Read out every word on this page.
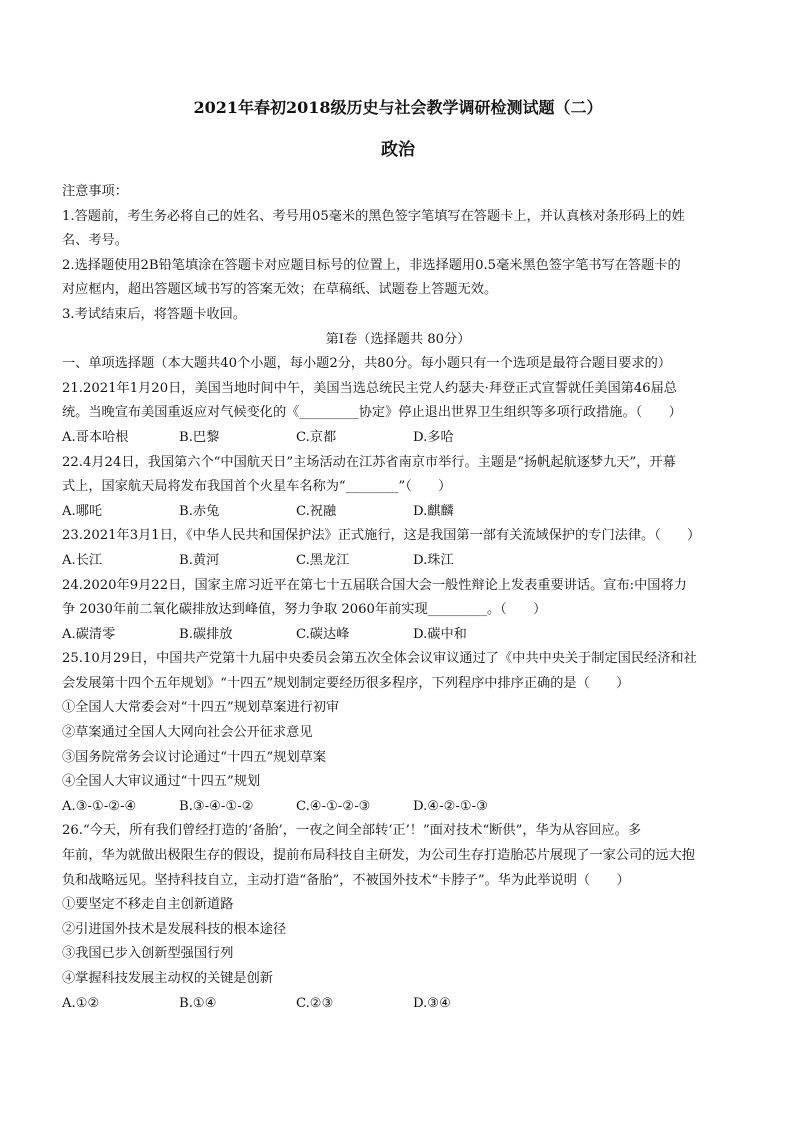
2021年春初2018级历史与社会教学调研检测试题（二）
政治
注意事项：
1.答题前，考生务必将自己的姓名、考号用05毫米的黑色签字笔填写在答题卡上，并认真核对条形码上的姓
名、考号。
2.选择题使用2B铅笔填涂在答题卡对应题目标号的位置上，非选择题用0.5毫米黑色签字笔书写在答题卡的
对应框内，超出答题区域书写的答案无效；在草稿纸、试题卷上答题无效。
3.考试结束后，将答题卡收回。
第Ⅰ卷（选择题共 80分）
一、单项选择题（本大题共40个小题，每小题2分，共80分。每小题只有一个选项是最符合题目要求的）
21.2021年1月20日，美国当地时间中午，美国当选总统民主党人约瑟夫·拜登正式宣誓就任美国第46届总
统。当晚宣布美国重返应对气候变化的《_________协定》停止退出世界卫生组织等多项行政措施。（　　）
A.哥本哈根	B.巴黎	C.京都	D.多哈
22.4月24日，我国第六个“中国航天日”主场活动在江苏省南京市举行。主题是“扬帆起航逐梦九天”，开幕
式上，国家航天局将发布我国首个火星车名称为“________”（　　）
A.哪吒	B.赤兔	C.祝融	D.麒麟
23.2021年3月1日，《中华人民共和国保护法》正式施行，这是我国第一部有关流域保护的专门法律。（　　）
A.长江	B.黄河	C.黑龙江	D.珠江
24.2020年9月22日，国家主席习近平在第七十五届联合国大会一般性辩论上发表重要讲话。宣布:中国将力
争 2030年前二氧化碳排放达到峰值，努力争取 2060年前实现_________。（　　）
A.碳清零	B.碳排放	C.碳达峰	D.碳中和
25.10月29日，中国共产党第十九届中央委员会第五次全体会议审议通过了《中共中央关于制定国民经济和社
会发展第十四个五年规划》“十四五”规划制定要经历很多程序，下列程序中排序正确的是（　　）
①全国人大常委会对“十四五”规划草案进行初审
②草案通过全国人大网向社会公开征求意见
③国务院常务会议讨论通过“十四五”规划草案
④全国人大审议通过“十四五”规划
A.③-①-②-④	B.③-④-①-②	C.④-①-②-③	D.④-②-①-③
26.“今天，所有我们曾经打造的‘备胎’，一夜之间全部转‘正’！”面对技术“断供”，华为从容回应。多
年前，华为就做出极限生存的假设，提前布局科技自主研发，为公司生存打造胎芯片展现了一家公司的远大抱
负和战略远见。坚持科技自立，主动打造“备胎”，不被国外技术“卡脖子”。华为此举说明（　　）
①要坚定不移走自主创新道路
②引进国外技术是发展科技的根本途径
③我国已步入创新型强国行列
④掌握科技发展主动权的关键是创新
A.①②	B.①④	C.②③	D.③④
